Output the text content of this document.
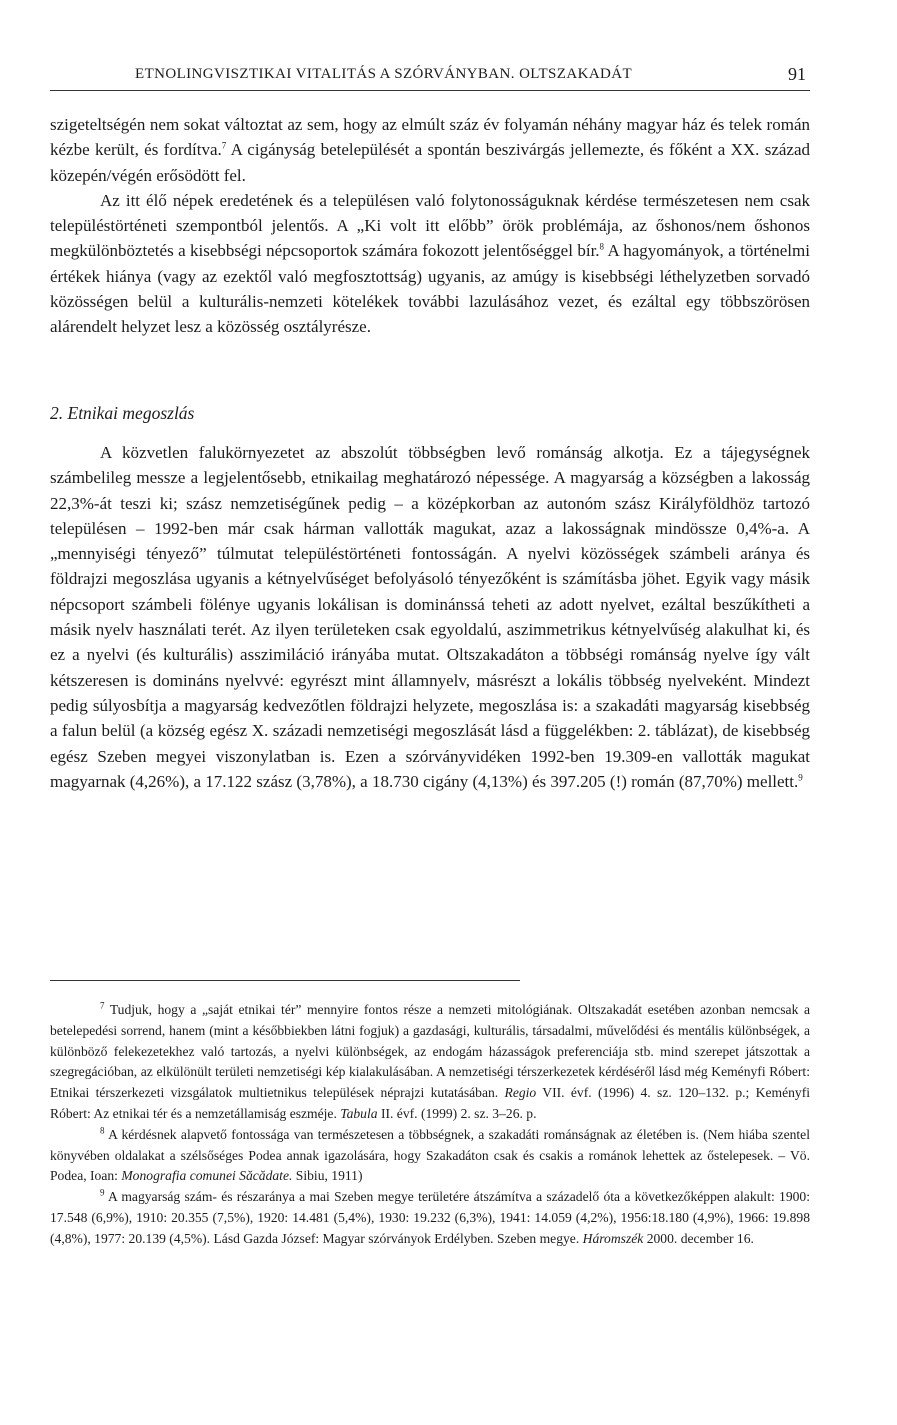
ETNOLINGVISZTIKAI VITALITÁS A SZÓRVÁNYBAN. OLTSZAKADÁT	91

szigeteltségén nem sokat változtat az sem, hogy az elmúlt száz év folyamán néhány magyar ház és telek román kézbe került, és fordítva.$^7$ A cigányság betelepülését a spontán beszivárgás jellemezte, és főként a XX. század közepén/végén erősödött fel.

Az itt élő népek eredetének és a településen való folytonosságuknak kérdése természetesen nem csak településtörténeti szempontból jelentős. A „Ki volt itt előbb” örök problémája, az őshonos/nem őshonos megkülönböztetés a kisebbségi népcsoportok számára fokozott jelentőséggel bír.$^8$ A hagyományok, a történelmi értékek hiánya (vagy az ezektől való megfosztottság) ugyanis, az amúgy is kisebbségi léthelyzetben sorvadó közösségen belül a kulturális-nemzeti kötelékek további lazulásához vezet, és ezáltal egy többszörösen alárendelt helyzet lesz a közösség osztályrésze.

2. Etnikai megoszlás

A közvetlen falukörnyezetet az abszolút többségben levő románság alkotja. Ez a tájegységnek számbelileg messze a legjelentősebb, etnikailag meghatározó népessége. A magyarság a községben a lakosság 22,3%-át teszi ki; szász nemzetiségűnek pedig – a középkorban az autonóm szász Királyföldhöz tartozó településen – 1992-ben már csak hárman vallották magukat, azaz a lakosságnak mindössze 0,4%-a. A „mennyiségi tényező” túlmutat településtörténeti fontosságán. A nyelvi közösségek számbeli aránya és földrajzi megoszlása ugyanis a kétnyelvűséget befolyásoló tényezőként is számításba jöhet. Egyik vagy másik népcsoport számbeli fölénye ugyanis lokálisan is dominánssá teheti az adott nyelvet, ezáltal beszűkítheti a másik nyelv használati terét. Az ilyen területeken csak egyoldalú, aszimmetrikus kétnyelvűség alakulhat ki, és ez a nyelvi (és kulturális) asszimiláció irányába mutat. Oltszakadáton a többségi románság nyelve így vált kétszeresen is domináns nyelvvé: egyrészt mint államnyelv, másrészt a lokális többség nyelveként. Mindezt pedig súlyosbítja a magyarság kedvezőtlen földrajzi helyzete, megoszlása is: a szakadáti magyarság kisebbség a falun belül (a község egész X. századi nemzetiségi megoszlását lásd a függelékben: 2. táblázat), de kisebbség egész Szeben megyei viszonylatban is. Ezen a szórványvidéken 1992-ben 19.309-en vallották magukat magyarnak (4,26%), a 17.122 szász (3,78%), a 18.730 cigány (4,13%) és 397.205 (!) román (87,70%) mellett.$^9$

$^7$ Tudjuk, hogy a „saját etnikai tér” mennyire fontos része a nemzeti mitológiának. Oltszakadát esetében azonban nemcsak a betelepedési sorrend, hanem (mint a későbbiekben látni fogjuk) a gazdasági, kulturális, társadalmi, művelődési és mentális különbségek, a különböző felekezetekhez való tartozás, a nyelvi különbségek, az endogám házasságok preferenciája stb. mind szerepet játszottak a szegregációban, az elkülönült területi nemzetiségi kép kialakulásában. A nemzetiségi térszerkezetek kérdéséről lásd még Keményfi Róbert: Etnikai térszerkezeti vizsgálatok multietnikus települések néprajzi kutatásában. Regio VII. évf. (1996) 4. sz. 120–132. p.; Keményfi Róbert: Az etnikai tér és a nemzetállamiság eszméje. Tabula II. évf. (1999) 2. sz. 3–26. p.

$^8$ A kérdésnek alapvető fontossága van természetesen a többségnek, a szakadáti románságnak az életében is. (Nem hiába szentel könyvében oldalakat a szélsőséges Podea annak igazolására, hogy Szakadáton csak és csakis a románok lehettek az őstelepesek. – Vö. Podea, Ioan: Monografia comunei Săcădate. Sibiu, 1911)

$^9$ A magyarság szám- és részaránya a mai Szeben megye területére átszámítva a századelő óta a következőképpen alakult: 1900: 17.548 (6,9%), 1910: 20.355 (7,5%), 1920: 14.481 (5,4%), 1930: 19.232 (6,3%), 1941: 14.059 (4,2%), 1956:18.180 (4,9%), 1966: 19.898 (4,8%), 1977: 20.139 (4,5%). Lásd Gazda József: Magyar szórványok Erdélyben. Szeben megye. Háromszék 2000. december 16.
